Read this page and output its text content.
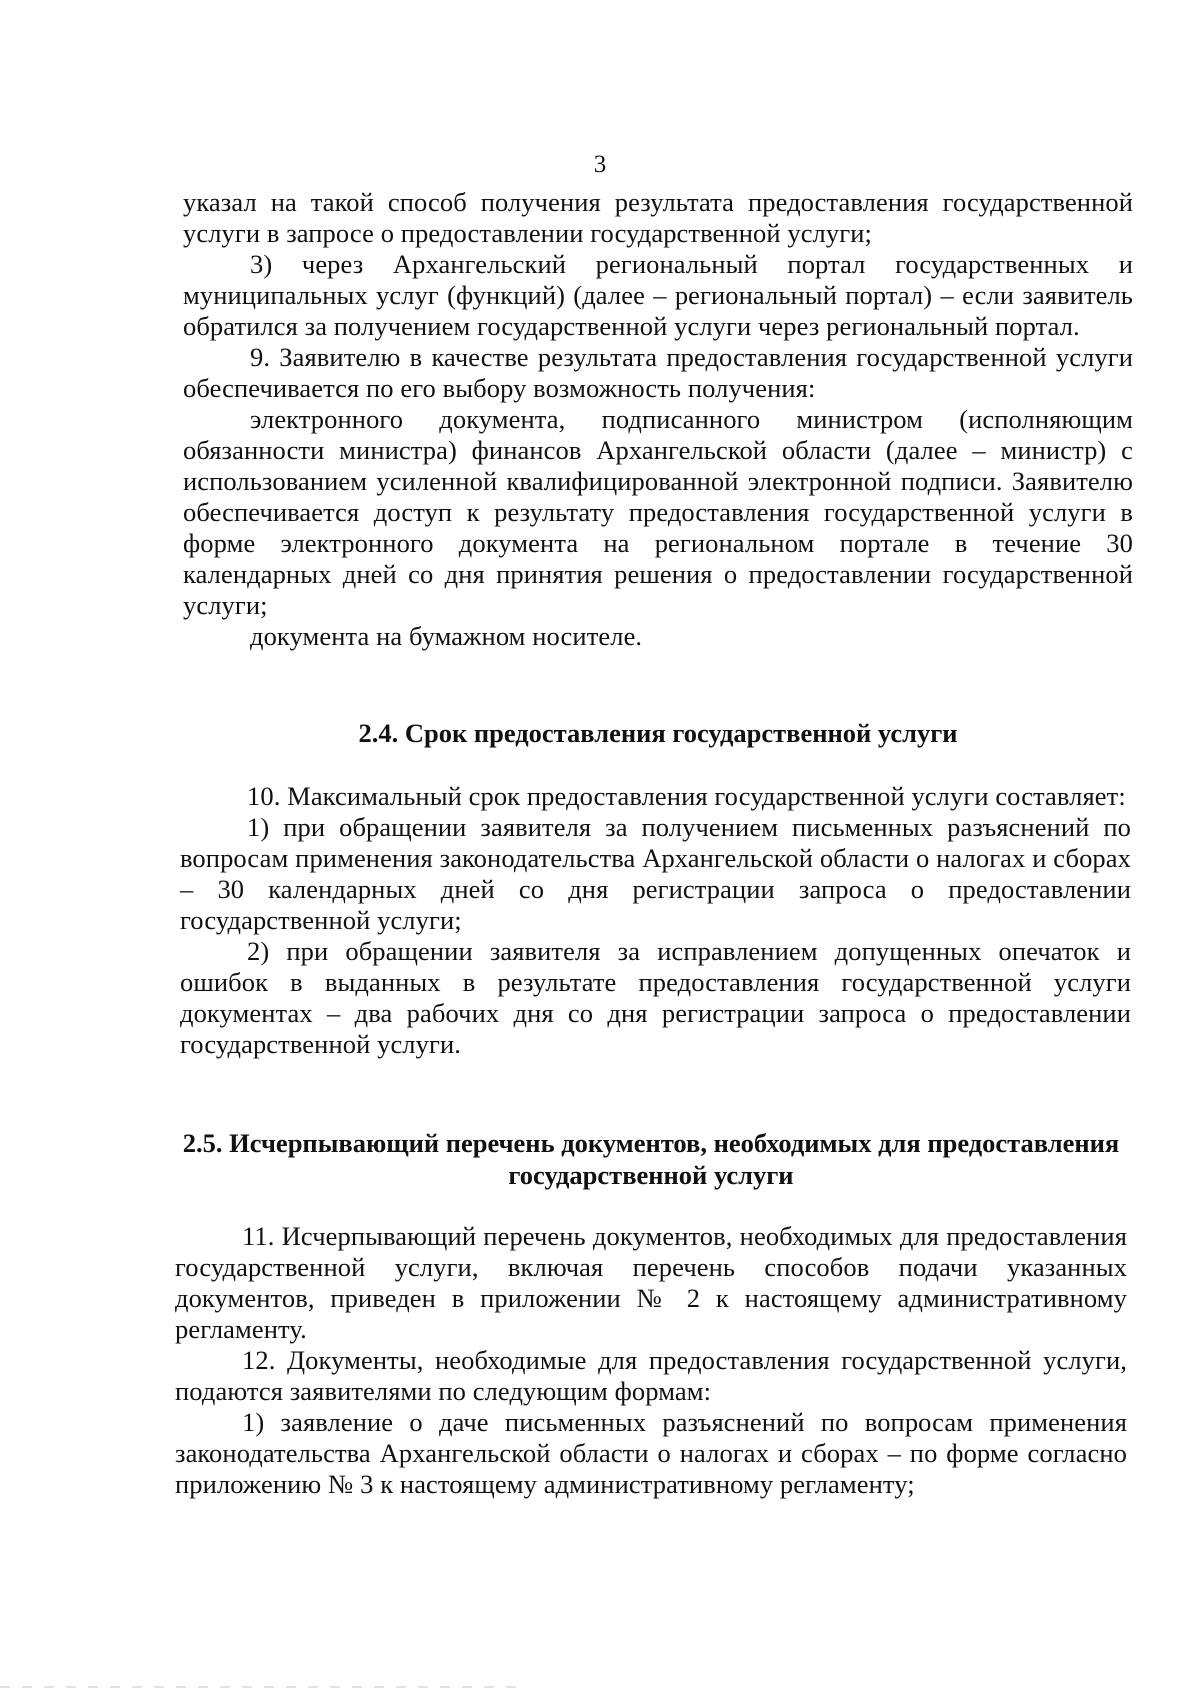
3

указал на такой способ получения результата предоставления государственной услуги в запросе о предоставлении государственной услуги;

3) через Архангельский региональный портал государственных и муниципальных услуг (функций) (далее – региональный портал) – если заявитель обратился за получением государственной услуги через региональный портал.

9. Заявителю в качестве результата предоставления государственной услуги обеспечивается по его выбору возможность получения:

электронного документа, подписанного министром (исполняющим обязанности министра) финансов Архангельской области (далее – министр) с использованием усиленной квалифицированной электронной подписи. Заявителю обеспечивается доступ к результату предоставления государственной услуги в форме электронного документа на региональном портале в течение 30 календарных дней со дня принятия решения о предоставлении государственной услуги;

документа на бумажном носителе.

2.4. Срок предоставления государственной услуги

10. Максимальный срок предоставления государственной услуги составляет:

1) при обращении заявителя за получением письменных разъяснений по вопросам применения законодательства Архангельской области о налогах и сборах – 30 календарных дней со дня регистрации запроса о предоставлении государственной услуги;

2) при обращении заявителя за исправлением допущенных опечаток и ошибок в выданных в результате предоставления государственной услуги документах – два рабочих дня со дня регистрации запроса о предоставлении государственной услуги.

2.5. Исчерпывающий перечень документов, необходимых для предоставления государственной услуги

11. Исчерпывающий перечень документов, необходимых для предоставления государственной услуги, включая перечень способов подачи указанных документов, приведен в приложении № 2 к настоящему административному регламенту.

12. Документы, необходимые для предоставления государственной услуги, подаются заявителями по следующим формам:

1) заявление о даче письменных разъяснений по вопросам применения законодательства Архангельской области о налогах и сборах – по форме согласно приложению № 3 к настоящему административному регламенту;
